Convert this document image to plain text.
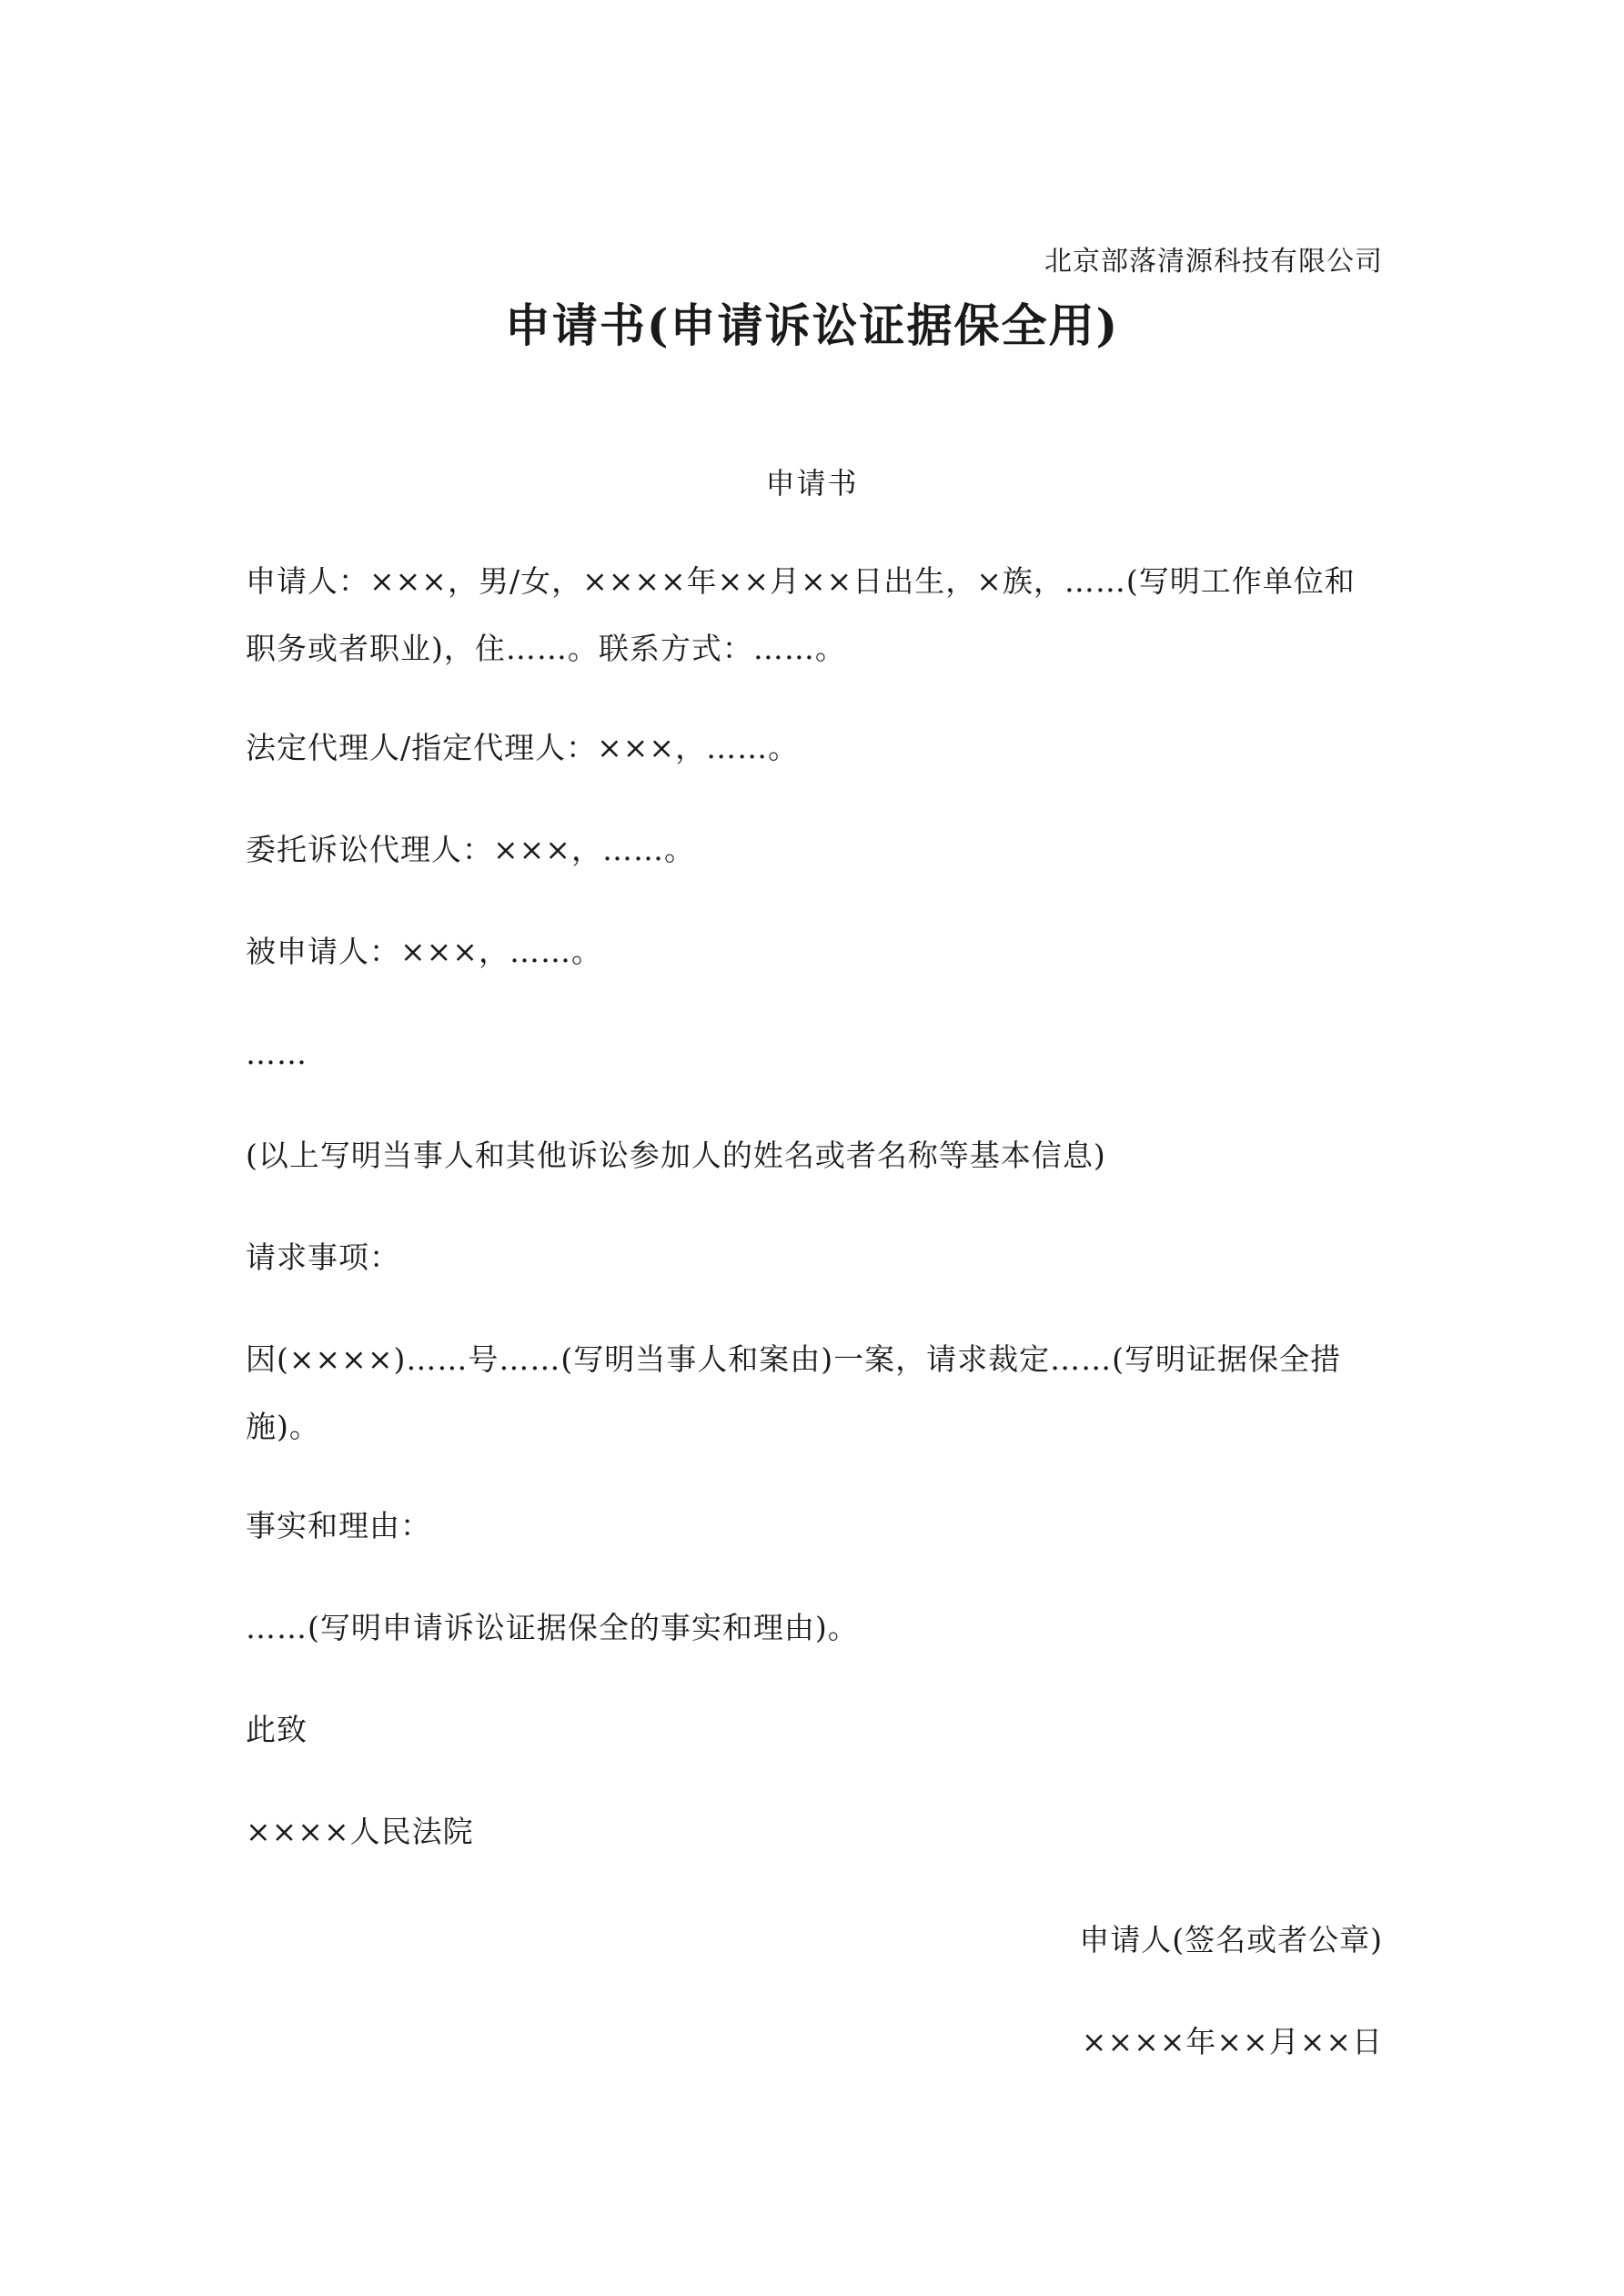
北京部落清源科技有限公司
申请书(申请诉讼证据保全用)
申请书

申请人：×××，男/女，××××年××月××日出生，×族，……(写明工作单位和职务或者职业)，住……。联系方式：……。

法定代理人/指定代理人：×××，……。

委托诉讼代理人：×××，……。

被申请人：×××，……。

……

(以上写明当事人和其他诉讼参加人的姓名或者名称等基本信息)

请求事项：

因(××××)……号……(写明当事人和案由)一案，请求裁定……(写明证据保全措施)。

事实和理由：

……(写明申请诉讼证据保全的事实和理由)。

此致

××××人民法院

申请人(签名或者公章)
××××年××月××日
